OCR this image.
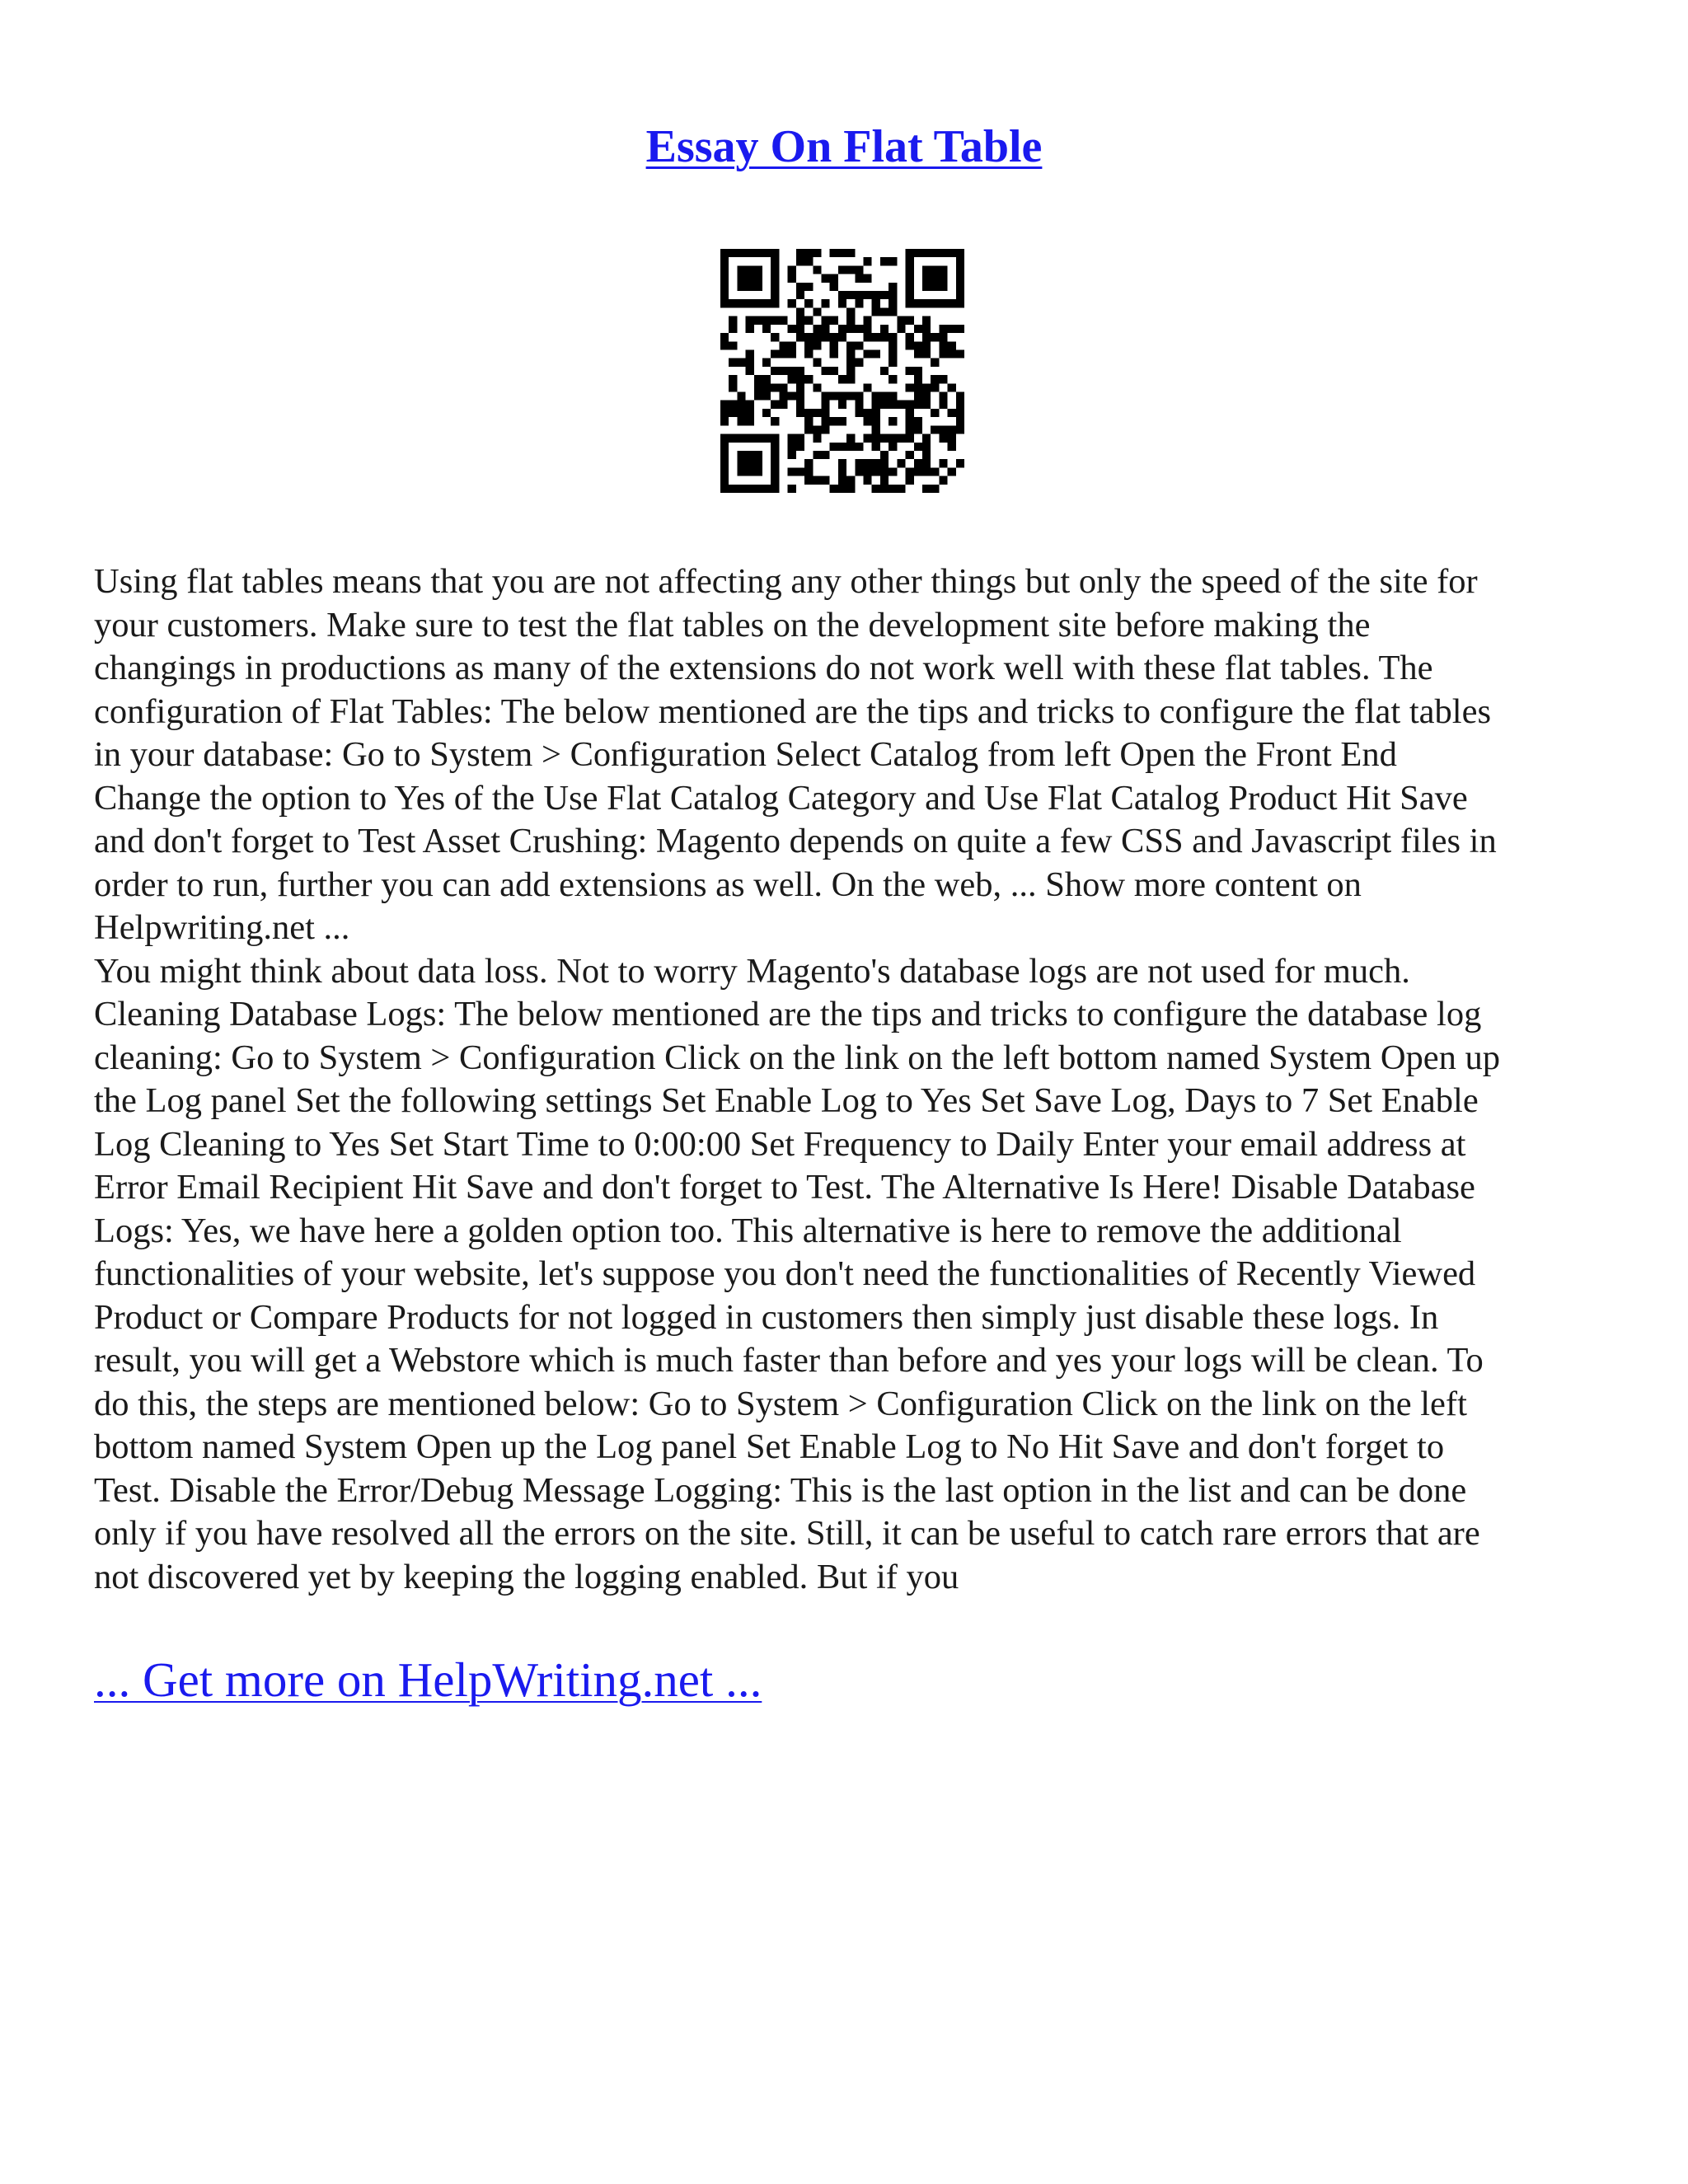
Essay On Flat Table

Using flat tables means that you are not affecting any other things but only the speed of the site for
your customers. Make sure to test the flat tables on the development site before making the
changings in productions as many of the extensions do not work well with these flat tables. The
configuration of Flat Tables: The below mentioned are the tips and tricks to configure the flat tables
in your database: Go to System > Configuration Select Catalog from left Open the Front End
Change the option to Yes of the Use Flat Catalog Category and Use Flat Catalog Product Hit Save
and don't forget to Test Asset Crushing: Magento depends on quite a few CSS and Javascript files in
order to run, further you can add extensions as well. On the web, ... Show more content on
Helpwriting.net ...

You might think about data loss. Not to worry Magento's database logs are not used for much.
Cleaning Database Logs: The below mentioned are the tips and tricks to configure the database log
cleaning: Go to System > Configuration Click on the link on the left bottom named System Open up
the Log panel Set the following settings Set Enable Log to Yes Set Save Log, Days to 7 Set Enable
Log Cleaning to Yes Set Start Time to 0:00:00 Set Frequency to Daily Enter your email address at
Error Email Recipient Hit Save and don't forget to Test. The Alternative Is Here! Disable Database
Logs: Yes, we have here a golden option too. This alternative is here to remove the additional
functionalities of your website, let's suppose you don't need the functionalities of Recently Viewed
Product or Compare Products for not logged in customers then simply just disable these logs. In
result, you will get a Webstore which is much faster than before and yes your logs will be clean. To
do this, the steps are mentioned below: Go to System > Configuration Click on the link on the left
bottom named System Open up the Log panel Set Enable Log to No Hit Save and don't forget to
Test. Disable the Error/Debug Message Logging: This is the last option in the list and can be done
only if you have resolved all the errors on the site. Still, it can be useful to catch rare errors that are
not discovered yet by keeping the logging enabled. But if you

... Get more on HelpWriting.net ...
